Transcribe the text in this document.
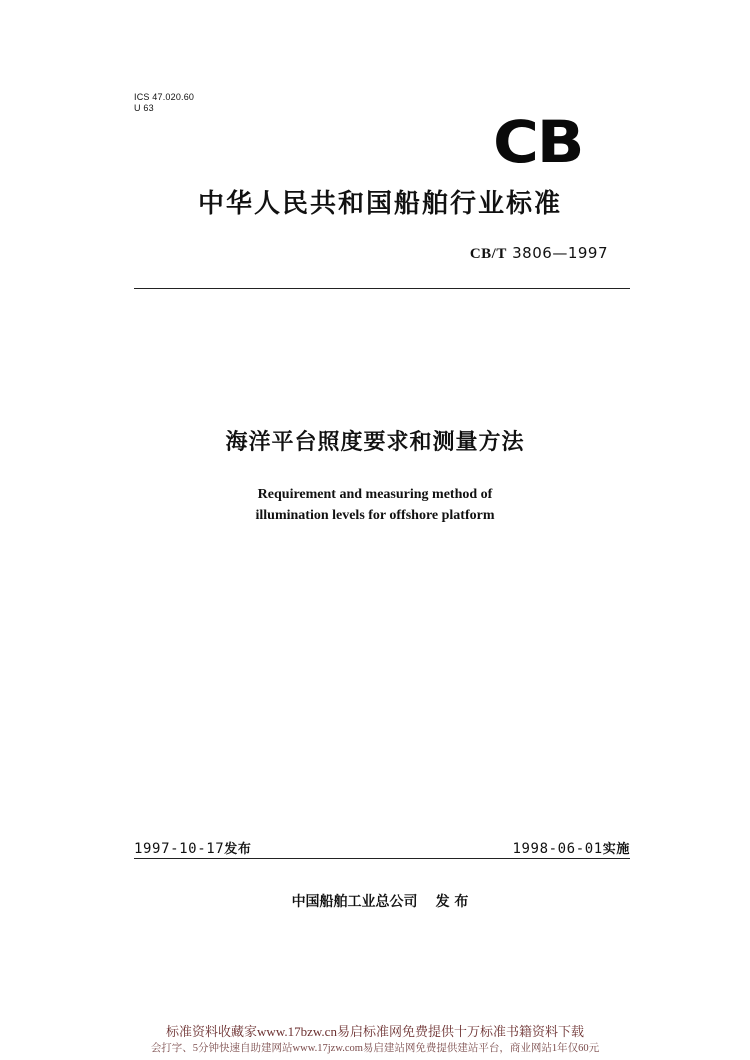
ICS 47.020.60
U 63	CB
中华人民共和国船舶行业标准
CB/T 3806—1997
海洋平台照度要求和测量方法
Requirement and measuring method of
illumination levels for offshore platform
1997-10-17发布	1998-06-01实施
中国船舶工业总公司 发 布
标准资料收藏家www.17bzw.cn易启标准网免费提供十万标准书籍资料下载
会打字、5分钟快速自助建网站www.17jzw.com易启建站网免费提供建站平台，商业网站1年仅60元
